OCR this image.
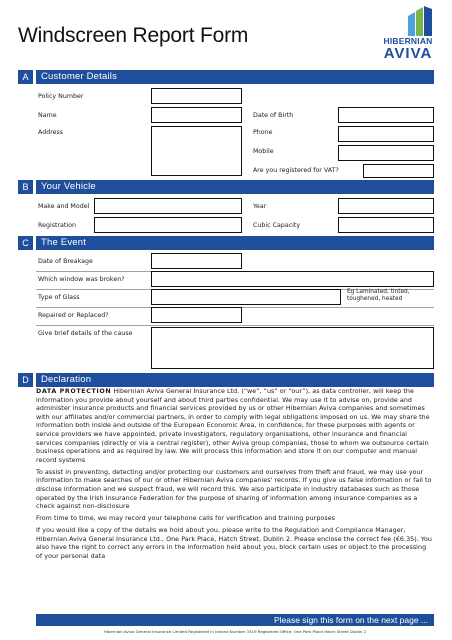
Windscreen Report Form	HIBERNIAN
AVIVA
A	Customer Details
Policy Number
Name	Date of Birth
Address	Phone
Mobile
Are you registered for VAT?
B	Your Vehicle
Make and Model	Year
Registration	Cubic Capacity
C	The Event
Date of Breakage
Which window was broken?
Type of Glass
Eg Laminated, tinted, toughened, heated
Repaired or Replaced?
Give brief details of the cause
D	Declaration

DATA PROTECTION Hibernian Aviva General Insurance Ltd. (“we”, “us” or “our”), as data controller, will keep the information you provide about yourself and about third parties confidential. We may use it to advise on, provide and administer insurance products and financial services provided by us or other Hibernian Aviva companies and sometimes with our affiliates and/or commercial partners, in order to comply with legal obligations imposed on us. We may share the information both inside and outside of the European Economic Area, in confidence, for these purposes with agents or service providers we have appointed, private investigators, regulatory organisations, other insurance and financial services companies (directly or via a central register), other Aviva group companies, those to whom we outsource certain business operations and as required by law. We will process this information and store it on our computer and manual record systems

To assist in preventing, detecting and/or protecting our customers and ourselves from theft and fraud, we may use your information to make searches of our or other Hibernian Aviva companies' records. If you give us false information or fail to disclose information and we suspect fraud, we will record this. We also participate in industry databases such as those operated by the Irish Insurance Federation for the purpose of sharing of information among insurance companies as a check against non-disclosure

From time to time, we may record your telephone calls for verification and training purposes

If you would like a copy of the details we hold about you, please write to the Regulation and Compliance Manager, Hibernian Aviva General Insurance Ltd., One Park Place, Hatch Street, Dublin 2. Please enclose the correct fee (€6.35). You also have the right to correct any errors in the information held about you, block certain uses or object to the processing of your personal data

Please sign this form on the next page ...
Hibernian Aviva General Insurance Limited Registered in Ireland Number 3319 Registered Office: One Park Place Hatch Street Dublin 2
